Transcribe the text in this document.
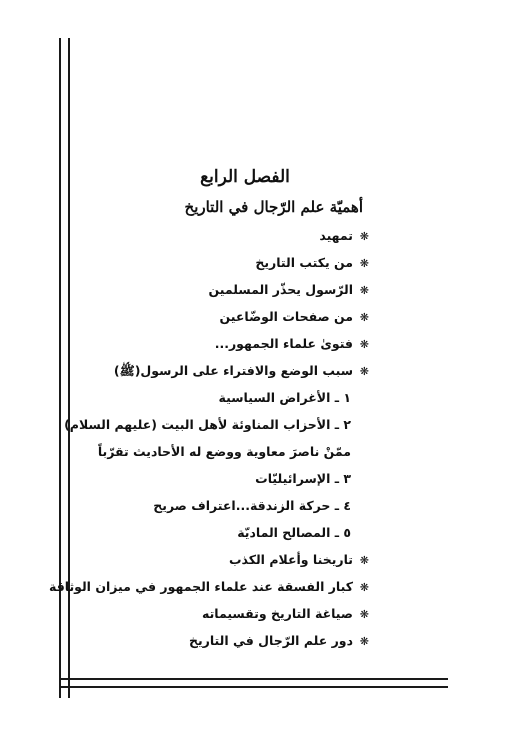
الفصل الرابع
أهميّة علم الرّجال في التاريخ
❋تمهيد
❋من يكتب التاريخ
❋الرّسول يحذّر المسلمين
❋من صفحات الوضّاعين
❋فتوىٰ علماء الجمهور...
❋سبب الوضع والافتراء على الرسول(ﷺ)
١ ـ الأغراض السياسية
٢ ـ الأحزاب المناوئة لأهل البيت (عليهم السلام)
ممّنْ ناصرَ معاوية ووضع له الأحاديث تقرّباً
٣ ـ الإسرائيليّات
٤ ـ حركة الزندقة...اعتراف صريح
٥ ـ المصالح الماديّة
❋تاريخنا وأعلام الكذب
❋كبار الفسقة عند علماء الجمهور في ميزان الوثاقة
❋صياغة التاريخ وتقسيماته
❋دور علم الرّجال في التاريخ
